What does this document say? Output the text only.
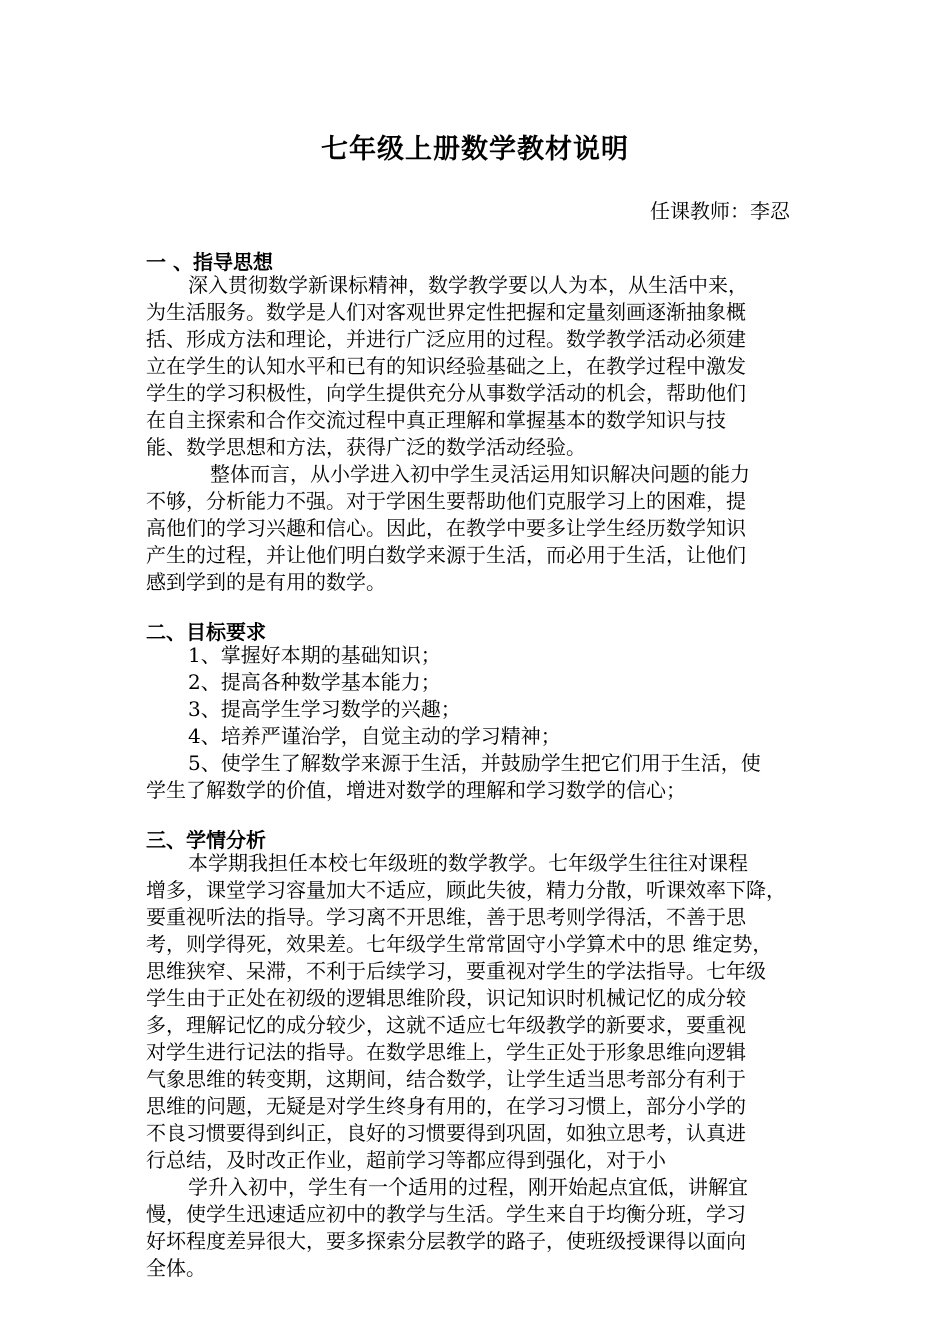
七年级上册数学教材说明
任课教师：李忍
一 、指导思想
深入贯彻数学新课标精神，数学教学要以人为本，从生活中来，
为生活服务。数学是人们对客观世界定性把握和定量刻画逐渐抽象概
括、形成方法和理论，并进行广泛应用的过程。数学教学活动必须建
立在学生的认知水平和已有的知识经验基础之上，在教学过程中激发
学生的学习积极性，向学生提供充分从事数学活动的机会，帮助他们
在自主探索和合作交流过程中真正理解和掌握基本的数学知识与技
能、数学思想和方法，获得广泛的数学活动经验。
整体而言，从小学进入初中学生灵活运用知识解决问题的能力
不够，分析能力不强。对于学困生要帮助他们克服学习上的困难，提
高他们的学习兴趣和信心。因此，在教学中要多让学生经历数学知识
产生的过程，并让他们明白数学来源于生活，而必用于生活，让他们
感到学到的是有用的数学。
二、目标要求
1、掌握好本期的基础知识；
2、提高各种数学基本能力；
3、提高学生学习数学的兴趣；
4、培养严谨治学，自觉主动的学习精神；
5、使学生了解数学来源于生活，并鼓励学生把它们用于生活，使
学生了解数学的价值，增进对数学的理解和学习数学的信心；
三、学情分析
本学期我担任本校七年级班的数学教学。七年级学生往往对课程
增多，课堂学习容量加大不适应，顾此失彼，精力分散，听课效率下降，
要重视听法的指导。学习离不开思维，善于思考则学得活，不善于思
考，则学得死，效果差。七年级学生常常固守小学算术中的思 维定势，
思维狭窄、呆滞，不利于后续学习，要重视对学生的学法指导。七年级
学生由于正处在初级的逻辑思维阶段，识记知识时机械记忆的成分较
多，理解记忆的成分较少，这就不适应七年级教学的新要求，要重视
对学生进行记法的指导。在数学思维上，学生正处于形象思维向逻辑
气象思维的转变期，这期间，结合数学，让学生适当思考部分有利于
思维的问题，无疑是对学生终身有用的，在学习习惯上，部分小学的
不良习惯要得到纠正，良好的习惯要得到巩固，如独立思考，认真进
行总结，及时改正作业，超前学习等都应得到强化，对于小
学升入初中，学生有一个适用的过程，刚开始起点宜低，讲解宜
慢，使学生迅速适应初中的教学与生活。学生来自于均衡分班，学习
好坏程度差异很大，要多探索分层教学的路子，使班级授课得以面向
全体。
